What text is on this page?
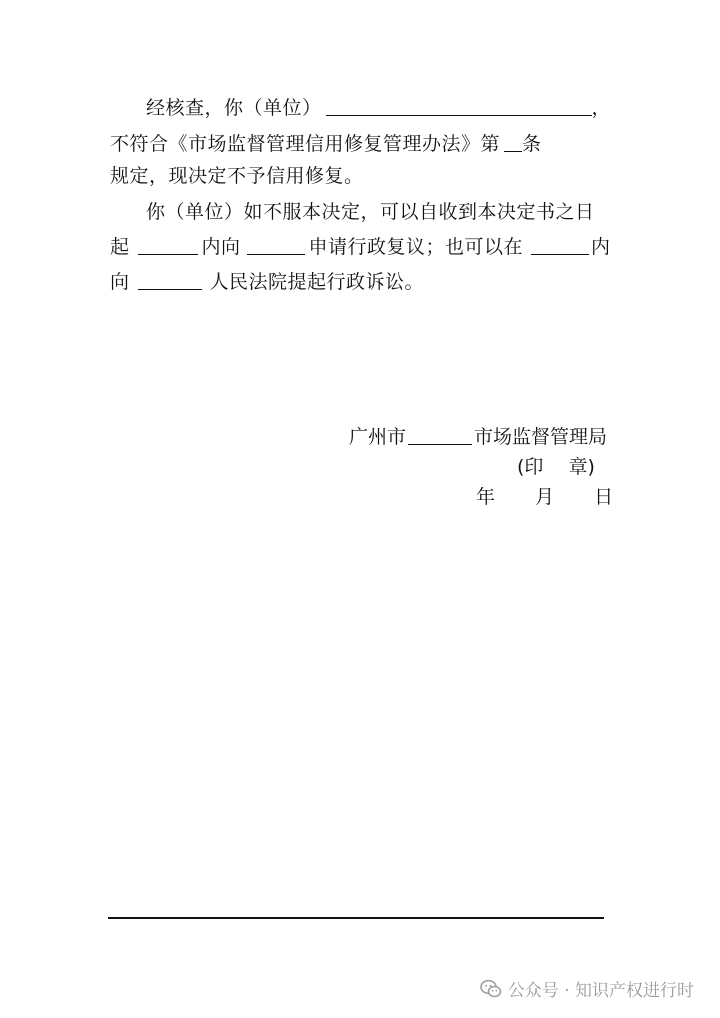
经核查，你（单位）	，
不符合《市场监督管理信用修复管理办法》第 条
规定，现决定不予信用修复。
你（单位）如不服本决定，可以自收到本决定书之日
起	内向	申请行政复议；也可以在	内
向	人民法院提起行政诉讼。
广州市	市场监督管理局
(印　 章)
年 月 日
公众号 · 知识产权进行时
